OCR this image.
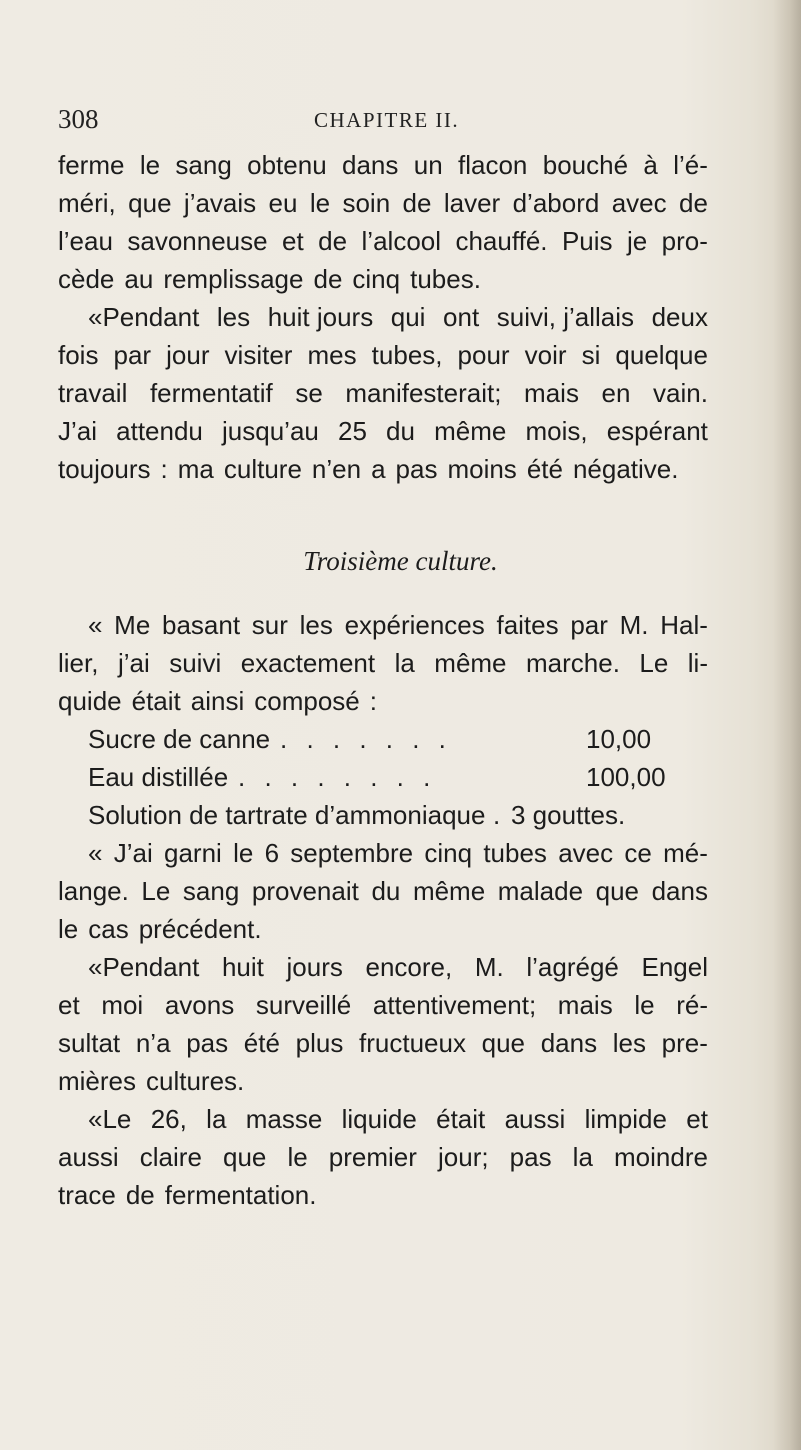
308	CHAPITRE II.
ferme le sang obtenu dans un flacon bouché à l’é-
méri, que j’avais eu le soin de laver d’abord avec de
l’eau savonneuse et de l’alcool chauffé. Puis je pro-
cède au remplissage de cinq tubes.
«Pendant les huit jours qui ont suivi, j’allais deux
fois par jour visiter mes tubes, pour voir si quelque
travail fermentatif se manifesterait; mais en vain.
J’ai attendu jusqu’au 25 du même mois, espérant
toujours : ma culture n’en a pas moins été négative.
Troisième culture.
« Me basant sur les expériences faites par M. Hal-
lier, j’ai suivi exactement la même marche. Le li-
quide était ainsi composé :
Sucre de canne . . . . . . .	10,00
Eau distillée . . . . . . . .	100,00
Solution de tartrate d’ammoniaque . 3 gouttes.
« J’ai garni le 6 septembre cinq tubes avec ce mé-
lange. Le sang provenait du même malade que dans
le cas précédent.
«Pendant huit jours encore, M. l’agrégé Engel
et moi avons surveillé attentivement; mais le ré-
sultat n’a pas été plus fructueux que dans les pre-
mières cultures.
«Le 26, la masse liquide était aussi limpide et
aussi claire que le premier jour; pas la moindre
trace de fermentation.
